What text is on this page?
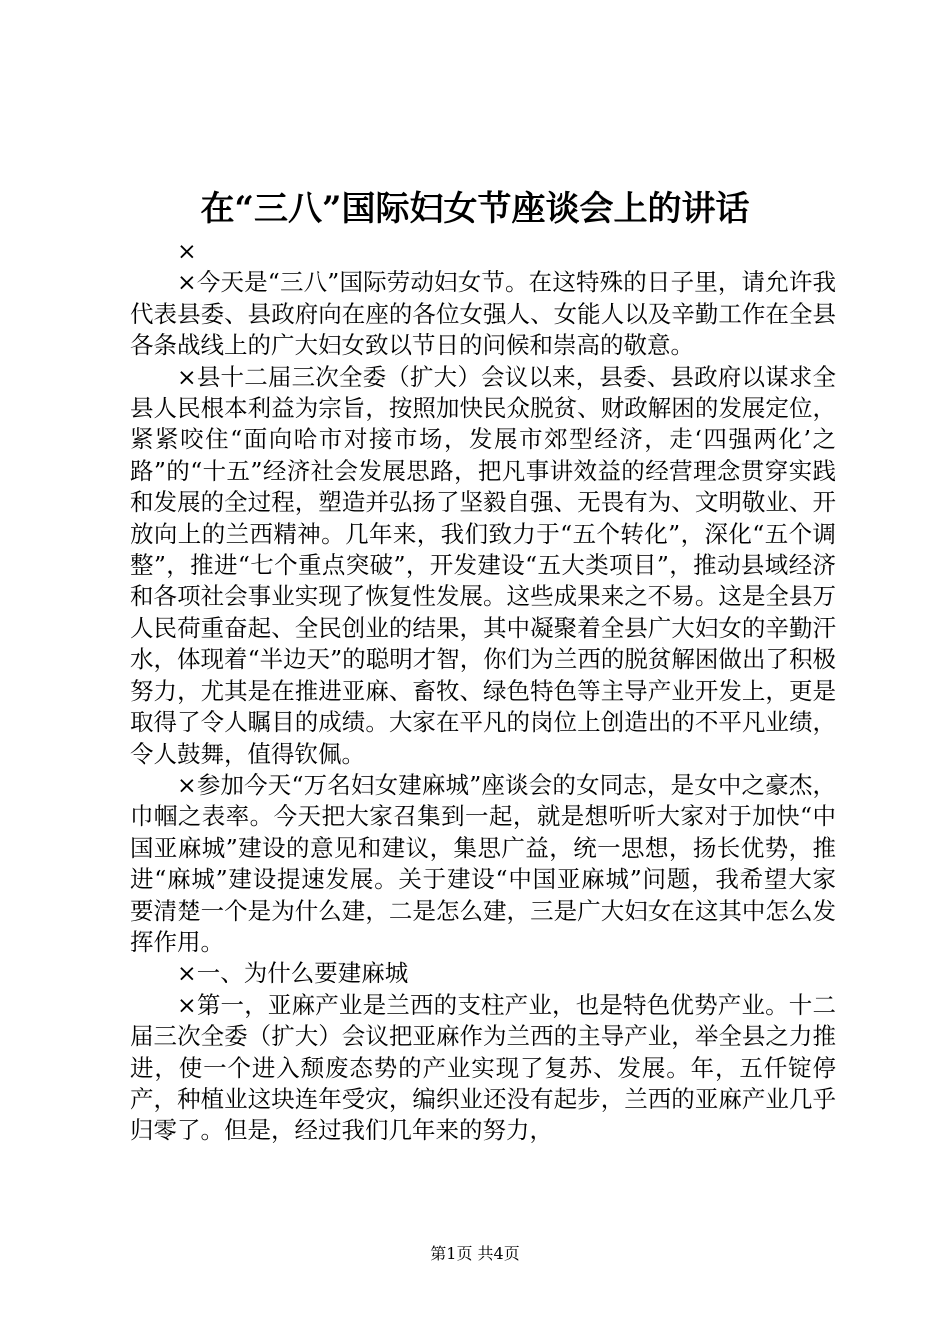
在“三八”国际妇女节座谈会上的讲话

×

×今天是“三八”国际劳动妇女节。在这特殊的日子里，请允许我代表县委、县政府向在座的各位女强人、女能人以及辛勤工作在全县各条战线上的广大妇女致以节日的问候和崇高的敬意。

×县十二届三次全委（扩大）会议以来，县委、县政府以谋求全县人民根本利益为宗旨，按照加快民众脱贫、财政解困的发展定位，紧紧咬住“面向哈市对接市场，发展市郊型经济，走‘四强两化’之路”的“十五”经济社会发展思路，把凡事讲效益的经营理念贯穿实践和发展的全过程，塑造并弘扬了坚毅自强、无畏有为、文明敬业、开放向上的兰西精神。几年来，我们致力于“五个转化”，深化“五个调整”，推进“七个重点突破”，开发建设“五大类项目”，推动县域经济和各项社会事业实现了恢复性发展。这些成果来之不易。这是全县万人民荷重奋起、全民创业的结果，其中凝聚着全县广大妇女的辛勤汗水，体现着“半边天”的聪明才智，你们为兰西的脱贫解困做出了积极努力，尤其是在推进亚麻、畜牧、绿色特色等主导产业开发上，更是取得了令人瞩目的成绩。大家在平凡的岗位上创造出的不平凡业绩，令人鼓舞，值得钦佩。

×参加今天“万名妇女建麻城”座谈会的女同志，是女中之豪杰，巾帼之表率。今天把大家召集到一起，就是想听听大家对于加快“中国亚麻城”建设的意见和建议，集思广益，统一思想，扬长优势，推进“麻城”建设提速发展。关于建设“中国亚麻城”问题，我希望大家要清楚一个是为什么建，二是怎么建，三是广大妇女在这其中怎么发挥作用。

×一、为什么要建麻城

×第一，亚麻产业是兰西的支柱产业，也是特色优势产业。十二届三次全委（扩大）会议把亚麻作为兰西的主导产业，举全县之力推进，使一个进入颓废态势的产业实现了复苏、发展。年，五仟锭停产，种植业这块连年受灾，编织业还没有起步，兰西的亚麻产业几乎归零了。但是，经过我们几年来的努力，

第1页 共4页
